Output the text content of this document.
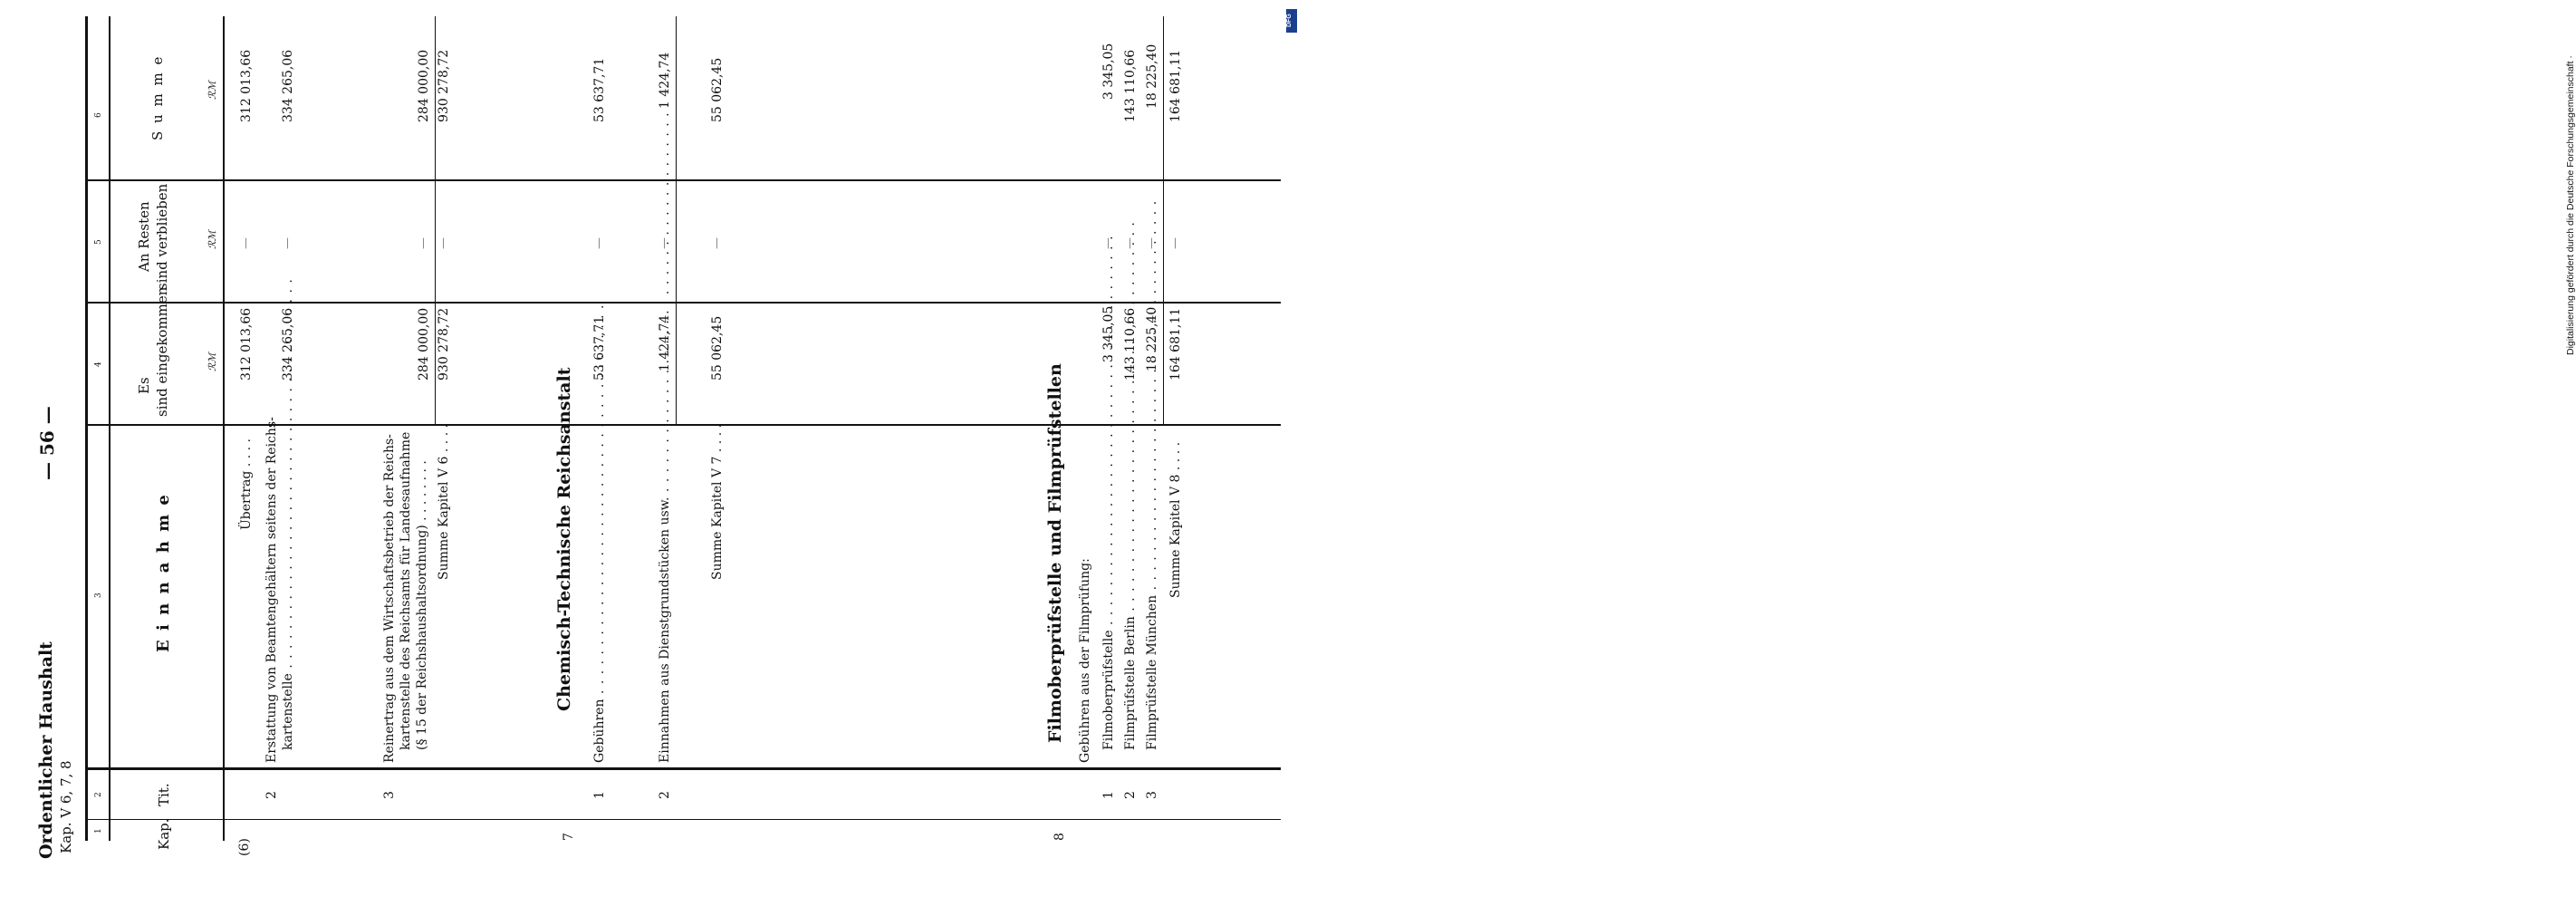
Ordentlicher Haushalt Kap. V 6, 7, 8
— 56 —
1
2
3
4
5
6
Kap.
Tit.
E i n n a h m e
Es sind eingekommen
An Resten sind verblieben
S u m m e
ℛℳ
ℛℳ
ℛℳ
(6)
Übertrag . . . .
312 013,66
—
312 013,66
2
Erstattung von Beamtengehältern seitens der Reichs- kartenstelle . . .
334 265,06
—
334 265,06
3
Reinertrag aus dem Wirtschaftsbetrieb der Reichs- kartenstelle des Reichsamts für Landesaufnahme (§ 15 der Reichshaushaltsordnung) . . . . . . . .
284 000,00
—
284 000,00
Summe Kapitel V 6 . . . .
930 278,72
—
930 278,72
7
Chemisch-Technische Reichsanstalt
1
Gebühren . . .
53 637,71
—
53 637,71
2
Einnahmen aus Dienstgrundstücken usw. . . .
1 424,74
—
1 424,74
Summe Kapitel V 7 . . . .
55 062,45
—
55 062,45
8
Filmoberprüfstelle und Filmprüfstellen Gebühren aus der Filmprüfung:
1
Filmoberprüfstelle . . .
3 345,05
—
3 345,05
2
Filmprüfstelle Berlin . . .
143 110,66
—
143 110,66
3
Filmprüfstelle München . . .
18 225,40
—
18 225,40
Summe Kapitel V 8 . . . .
164 681,11
—
164 681,11	Digitalisierung gefördert durch die Deutsche Forschungsgemeinschaft ·
DFG
